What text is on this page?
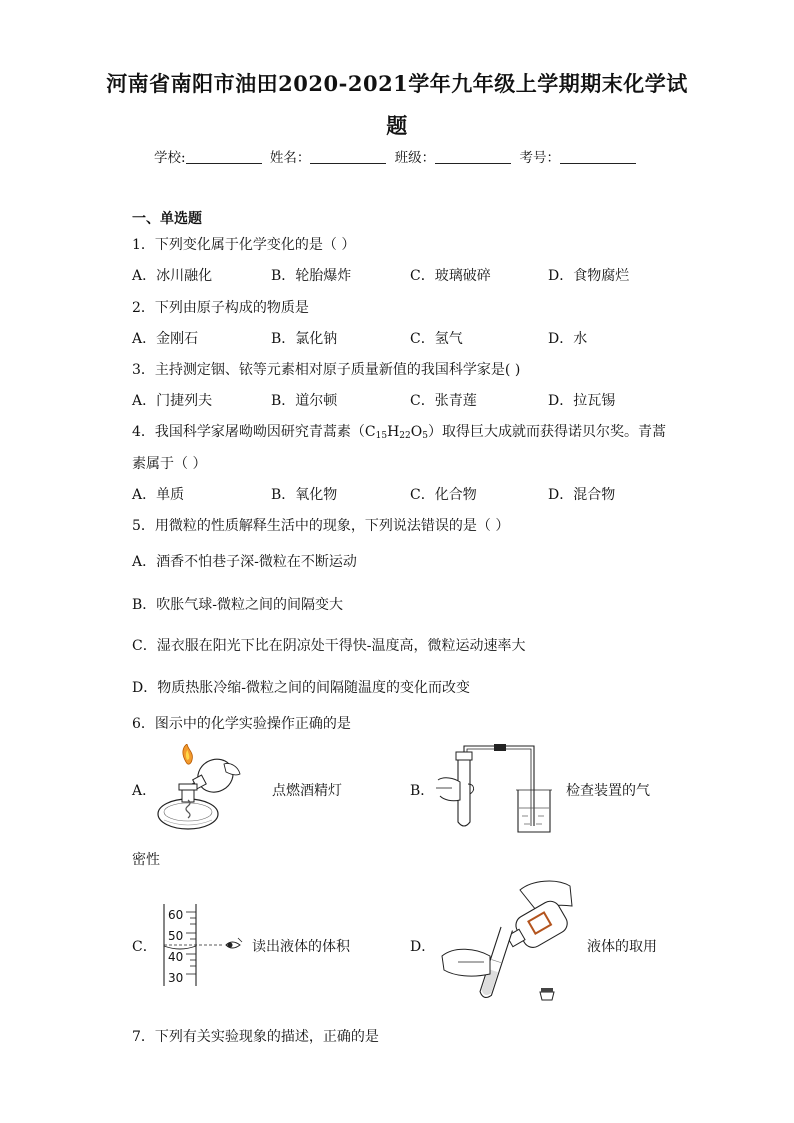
河南省南阳市油田2020-2021学年九年级上学期期末化学试
题
学校:	姓名：	班级：	考号：
一、单选题
1．下列变化属于化学变化的是（ ）
A．冰川融化	B．轮胎爆炸	C．玻璃破碎	D．食物腐烂
2．下列由原子构成的物质是
A．金刚石	B．氯化钠	C．氢气	D．水
3．主持测定铟、铱等元素相对原子质量新值的我国科学家是( )
A．门捷列夫	B．道尔顿	C．张青莲	D．拉瓦锡
4．我国科学家屠呦呦因研究青蒿素$(C_{15}H_{22}O_5)$取得巨大成就而获得诺贝尔奖。青蒿
素属于（ ）
A．单质	B．氧化物	C．化合物	D．混合物
5．用微粒的性质解释生活中的现象，下列说法错误的是（ ）
A．酒香不怕巷子深-微粒在不断运动
B．吹胀气球-微粒之间的间隔变大
C．湿衣服在阳光下比在阴凉处干得快-温度高，微粒运动速率大
D．物质热胀冷缩-微粒之间的间隔随温度的变化而改变
6．图示中的化学实验操作正确的是
A．	点燃酒精灯	B．	检查装置的气
密性
C．
60
50
40
30
读出液体的体积	D．	液体的取用
7．下列有关实验现象的描述，正确的是
